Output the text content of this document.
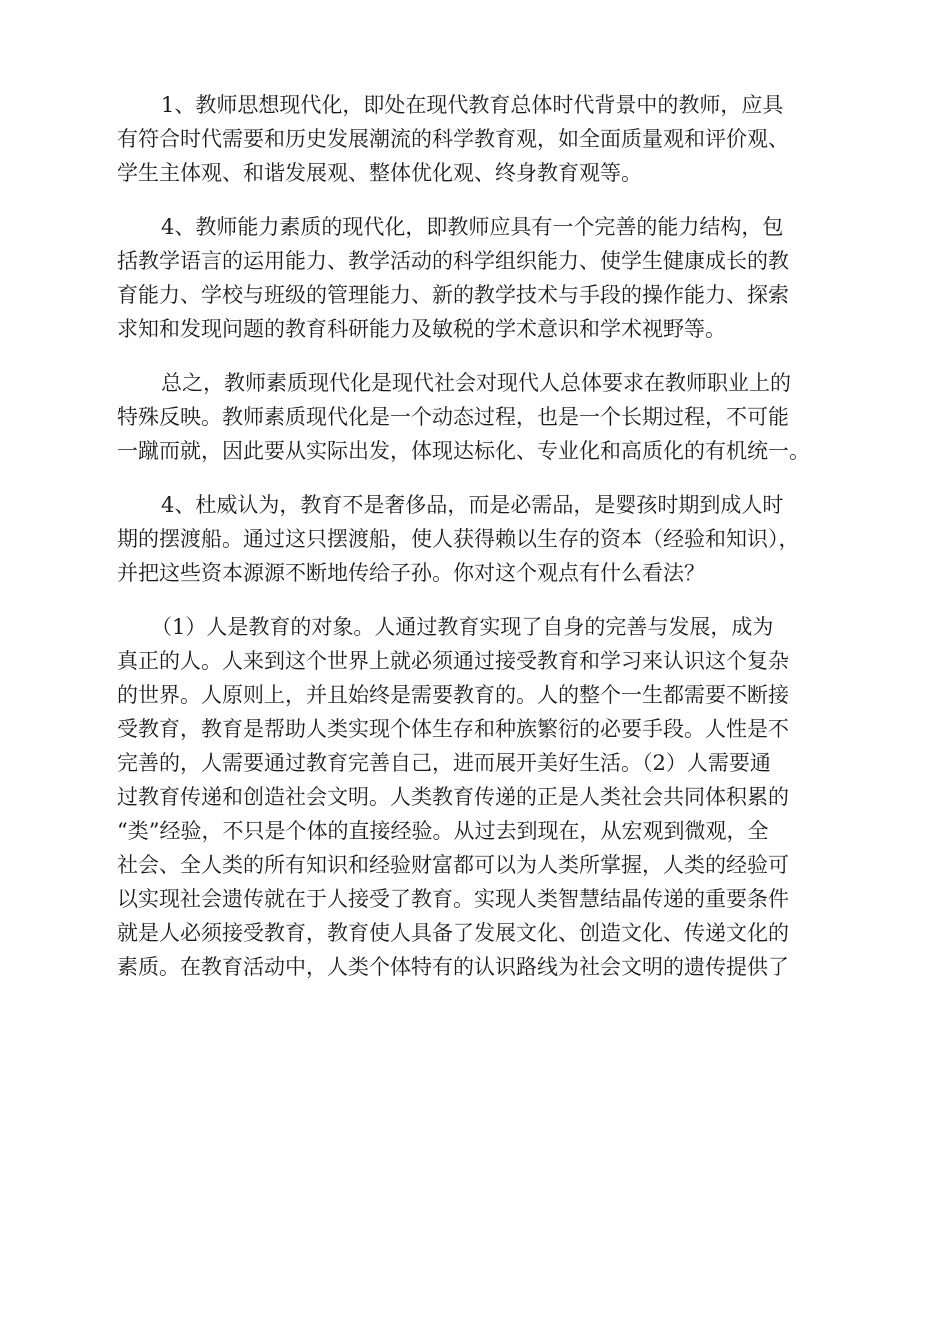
1、教师思想现代化，即处在现代教育总体时代背景中的教师，应具
有符合时代需要和历史发展潮流的科学教育观，如全面质量观和评价观、
学生主体观、和谐发展观、整体优化观、终身教育观等。

4、教师能力素质的现代化，即教师应具有一个完善的能力结构，包
括教学语言的运用能力、教学活动的科学组织能力、使学生健康成长的教
育能力、学校与班级的管理能力、新的教学技术与手段的操作能力、探索
求知和发现问题的教育科研能力及敏税的学术意识和学术视野等。

总之，教师素质现代化是现代社会对现代人总体要求在教师职业上的
特殊反映。教师素质现代化是一个动态过程，也是一个长期过程，不可能
一蹴而就，因此要从实际出发，体现达标化、专业化和高质化的有机统一。

4、杜威认为，教育不是奢侈品，而是必需品，是婴孩时期到成人时
期的摆渡船。通过这只摆渡船，使人获得赖以生存的资本（经验和知识），
并把这些资本源源不断地传给子孙。你对这个观点有什么看法？

（1）人是教育的对象。人通过教育实现了自身的完善与发展，成为
真正的人。人来到这个世界上就必须通过接受教育和学习来认识这个复杂
的世界。人原则上，并且始终是需要教育的。人的整个一生都需要不断接
受教育，教育是帮助人类实现个体生存和种族繁衍的必要手段。人性是不
完善的，人需要通过教育完善自己，进而展开美好生活。（2）人需要通
过教育传递和创造社会文明。人类教育传递的正是人类社会共同体积累的
“类”经验，不只是个体的直接经验。从过去到现在，从宏观到微观，全
社会、全人类的所有知识和经验财富都可以为人类所掌握，人类的经验可
以实现社会遗传就在于人接受了教育。实现人类智慧结晶传递的重要条件
就是人必须接受教育，教育使人具备了发展文化、创造文化、传递文化的
素质。在教育活动中，人类个体特有的认识路线为社会文明的遗传提供了
